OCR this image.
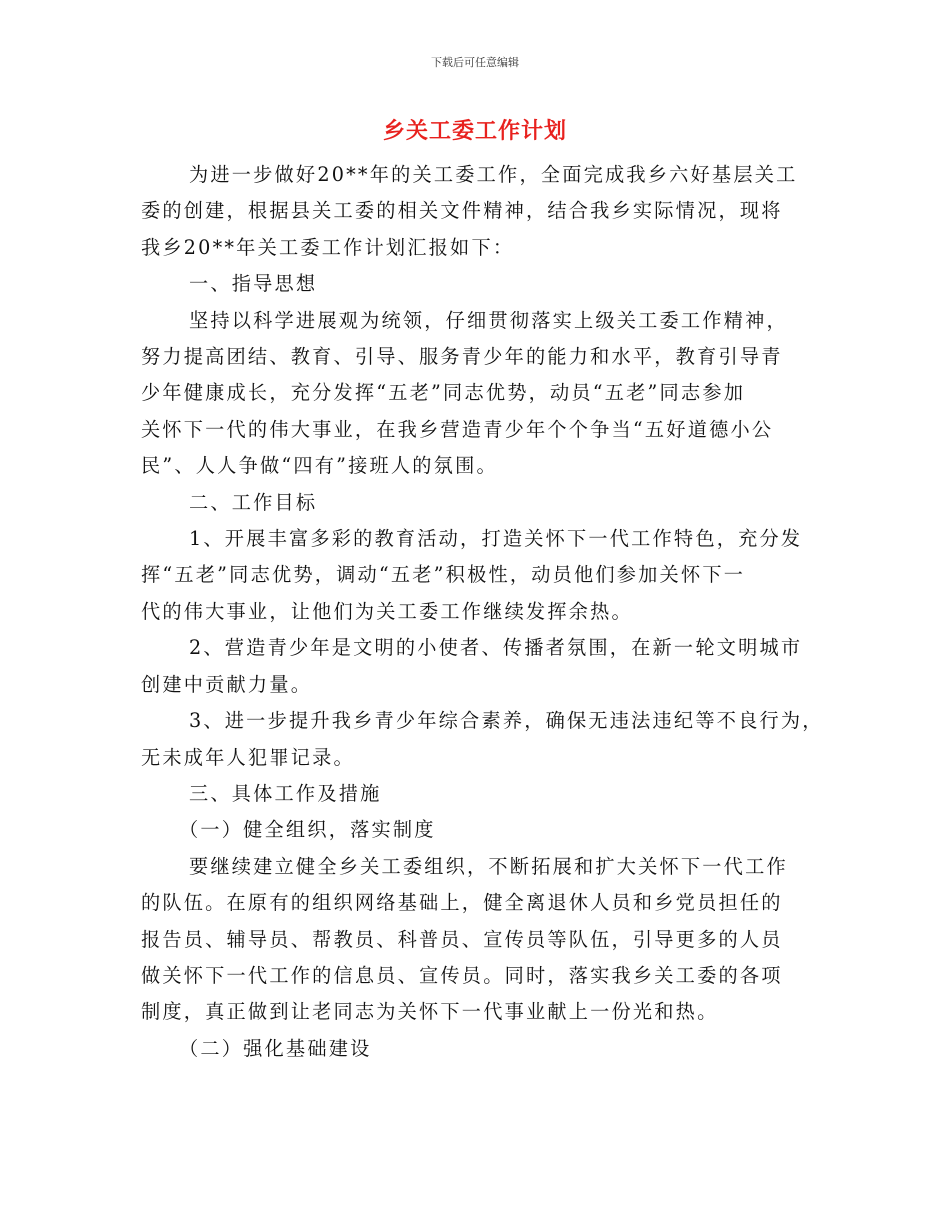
下载后可任意编辑
乡关工委工作计划
为进一步做好20**年的关工委工作，全面完成我乡六好基层关工
委的创建，根据县关工委的相关文件精神，结合我乡实际情况，现将
我乡20**年关工委工作计划汇报如下：
一、指导思想
坚持以科学进展观为统领，仔细贯彻落实上级关工委工作精神，
努力提高团结、教育、引导、服务青少年的能力和水平，教育引导青
少年健康成长，充分发挥“五老”同志优势，动员“五老”同志参加
关怀下一代的伟大事业，在我乡营造青少年个个争当“五好道德小公
民”、人人争做“四有”接班人的氛围。
二、工作目标
1、开展丰富多彩的教育活动，打造关怀下一代工作特色，充分发
挥“五老”同志优势，调动“五老”积极性，动员他们参加关怀下一
代的伟大事业，让他们为关工委工作继续发挥余热。
2、营造青少年是文明的小使者、传播者氛围，在新一轮文明城市
创建中贡献力量。
3、进一步提升我乡青少年综合素养，确保无违法违纪等不良行为，
无未成年人犯罪记录。
三、具体工作及措施
（一）健全组织，落实制度
要继续建立健全乡关工委组织，不断拓展和扩大关怀下一代工作
的队伍。在原有的组织网络基础上，健全离退休人员和乡党员担任的
报告员、辅导员、帮教员、科普员、宣传员等队伍，引导更多的人员
做关怀下一代工作的信息员、宣传员。同时，落实我乡关工委的各项
制度，真正做到让老同志为关怀下一代事业献上一份光和热。
（二）强化基础建设
